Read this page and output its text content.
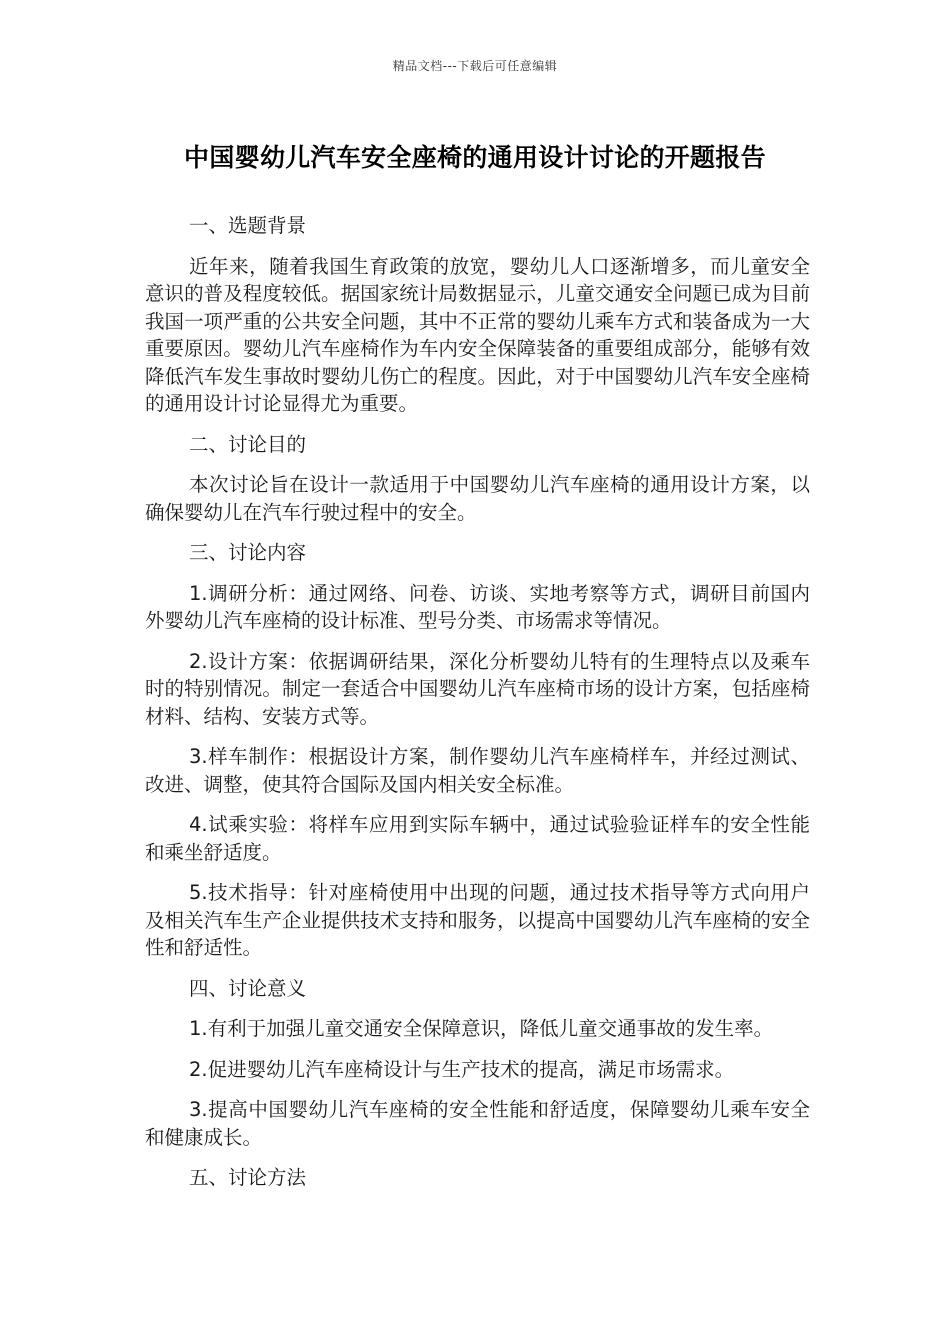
精品文档---下载后可任意编辑
中国婴幼儿汽车安全座椅的通用设计讨论的开题报告

一、选题背景

近年来，随着我国生育政策的放宽，婴幼儿人口逐渐增多，而儿童安全意识的普及程度较低。据国家统计局数据显示，儿童交通安全问题已成为目前我国一项严重的公共安全问题，其中不正常的婴幼儿乘车方式和装备成为一大重要原因。婴幼儿汽车座椅作为车内安全保障装备的重要组成部分，能够有效降低汽车发生事故时婴幼儿伤亡的程度。因此，对于中国婴幼儿汽车安全座椅的通用设计讨论显得尤为重要。

二、讨论目的

本次讨论旨在设计一款适用于中国婴幼儿汽车座椅的通用设计方案，以确保婴幼儿在汽车行驶过程中的安全。

三、讨论内容

1.调研分析：通过网络、问卷、访谈、实地考察等方式，调研目前国内外婴幼儿汽车座椅的设计标准、型号分类、市场需求等情况。

2.设计方案：依据调研结果，深化分析婴幼儿特有的生理特点以及乘车时的特别情况。制定一套适合中国婴幼儿汽车座椅市场的设计方案，包括座椅材料、结构、安装方式等。

3.样车制作：根据设计方案，制作婴幼儿汽车座椅样车，并经过测试、改进、调整，使其符合国际及国内相关安全标准。

4.试乘实验：将样车应用到实际车辆中，通过试验验证样车的安全性能和乘坐舒适度。

5.技术指导：针对座椅使用中出现的问题，通过技术指导等方式向用户及相关汽车生产企业提供技术支持和服务，以提高中国婴幼儿汽车座椅的安全性和舒适性。

四、讨论意义

1.有利于加强儿童交通安全保障意识，降低儿童交通事故的发生率。

2.促进婴幼儿汽车座椅设计与生产技术的提高，满足市场需求。

3.提高中国婴幼儿汽车座椅的安全性能和舒适度，保障婴幼儿乘车安全和健康成长。

五、讨论方法
